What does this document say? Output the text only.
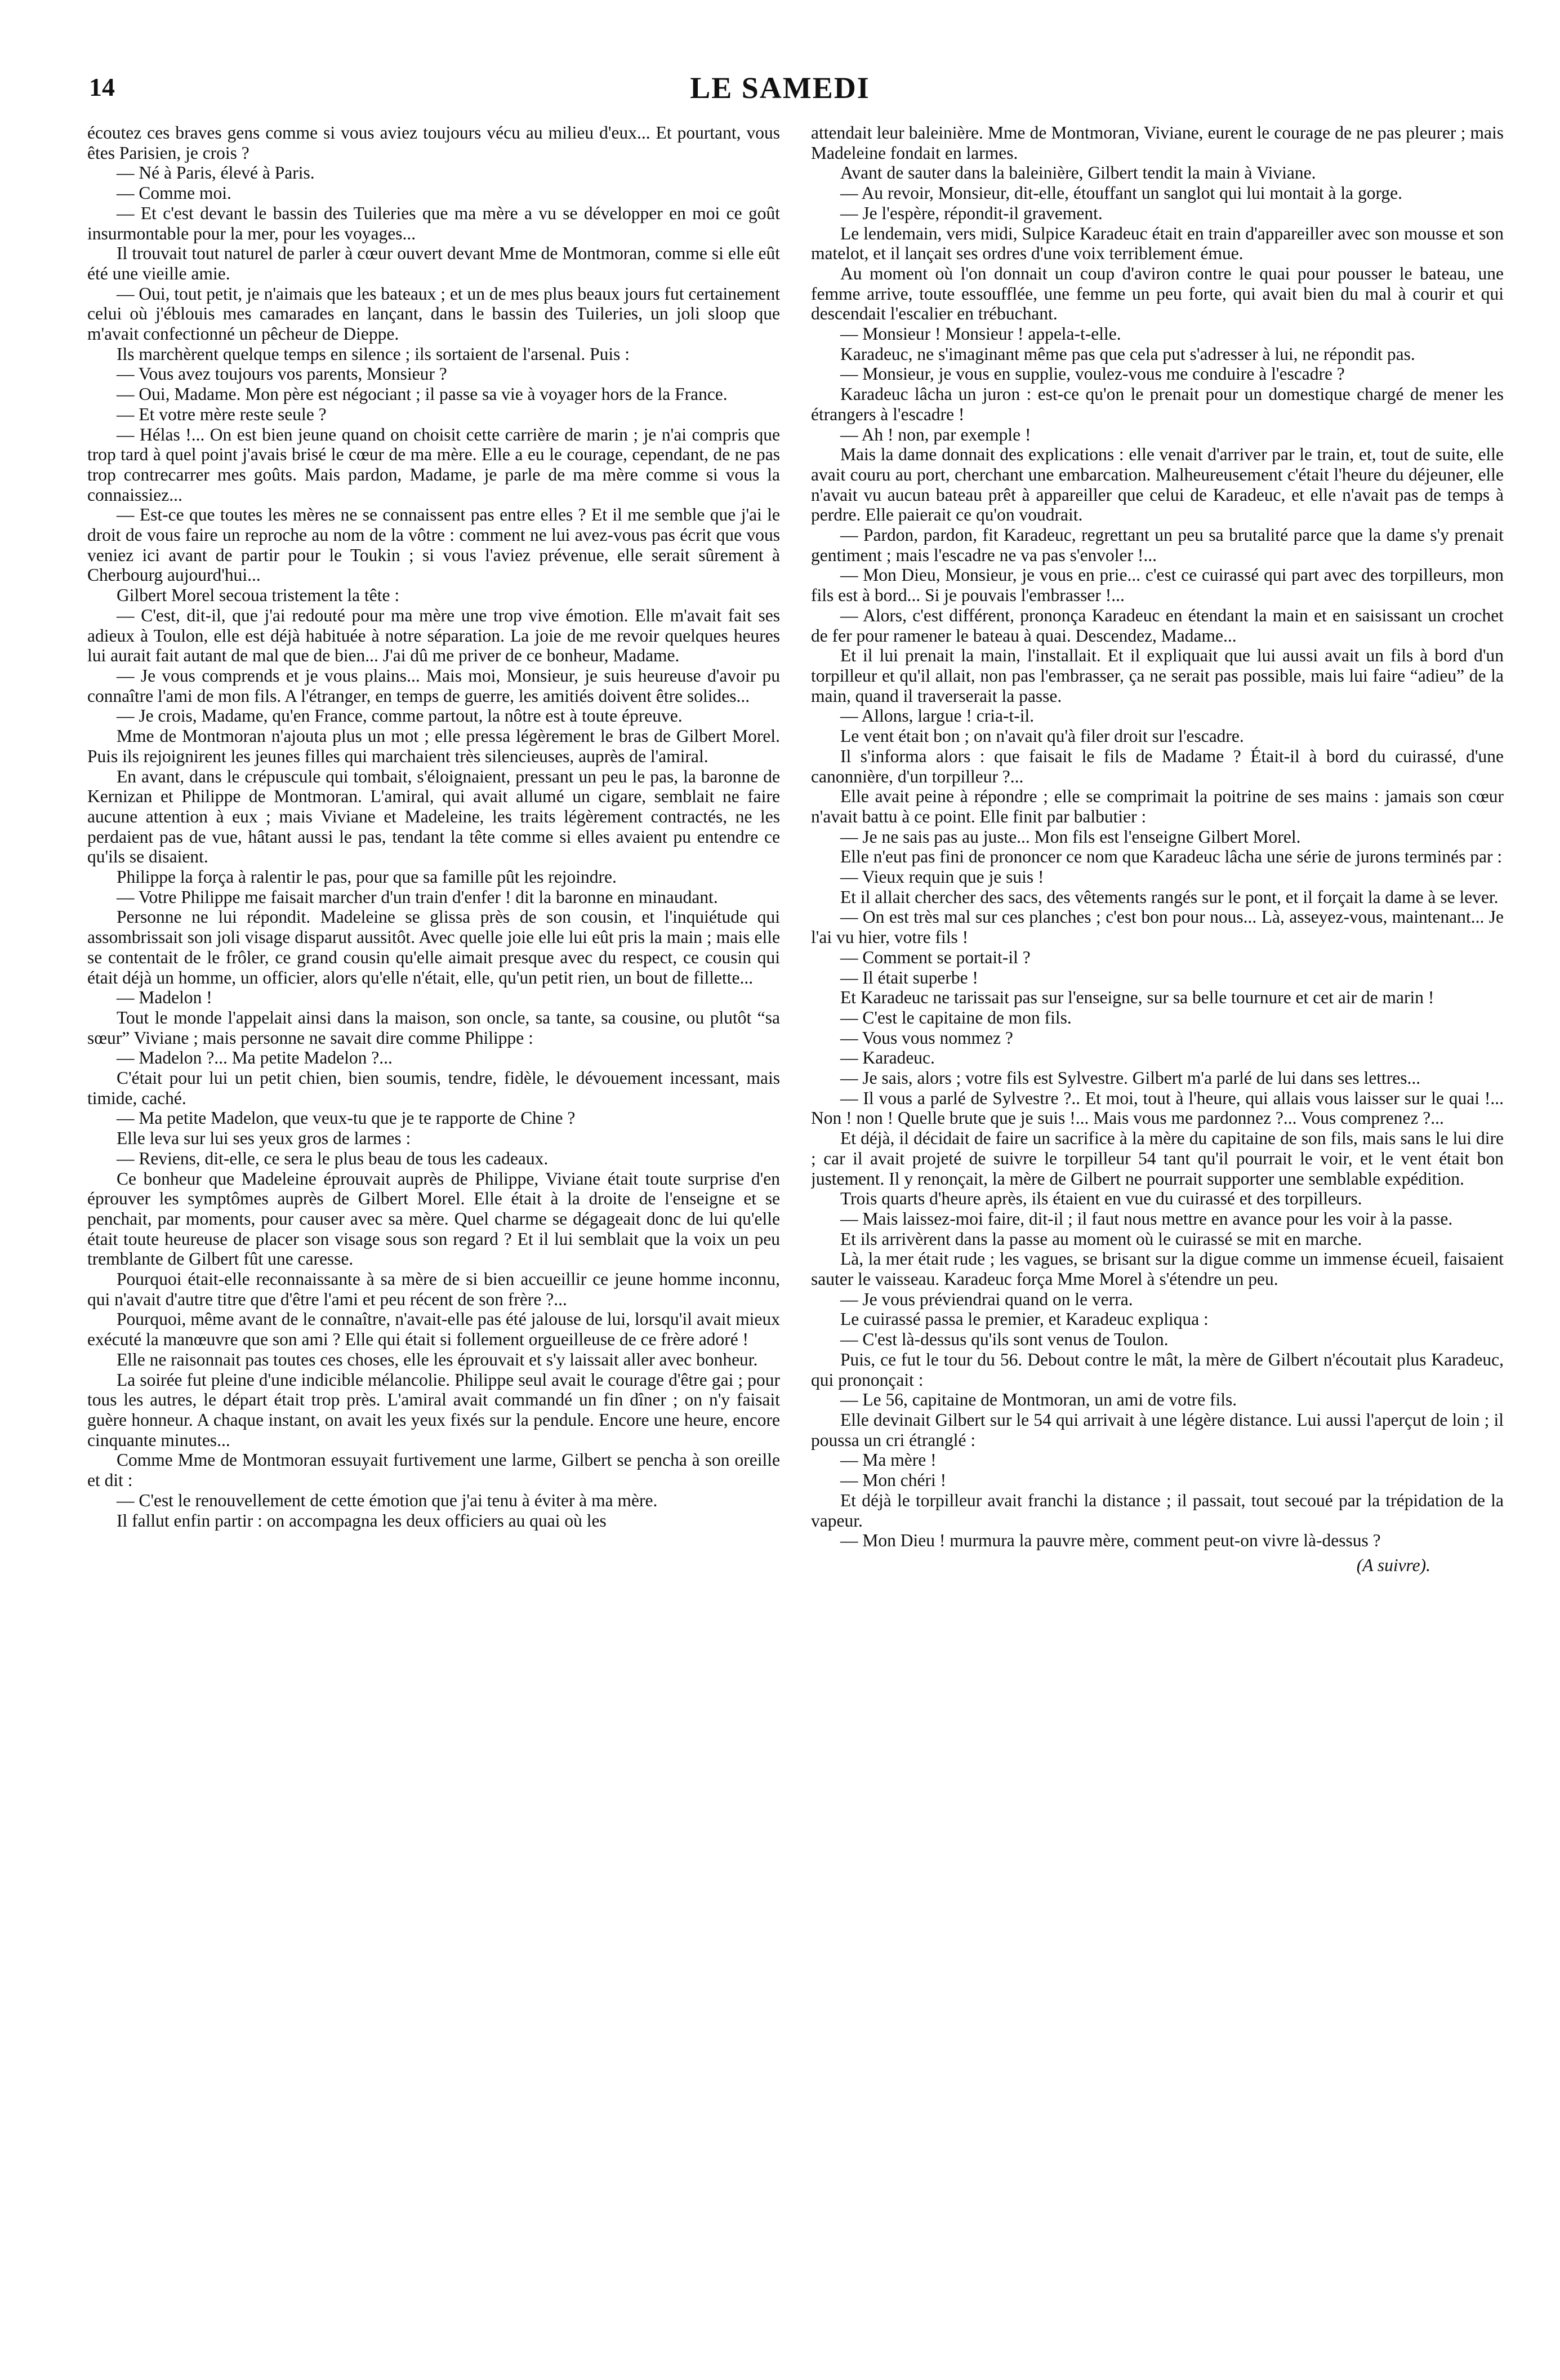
14	LE SAMEDI

écoutez ces braves gens comme si vous aviez toujours vécu au milieu d'eux... Et pourtant, vous êtes Parisien, je crois ?

— Né à Paris, élevé à Paris.

— Comme moi.

— Et c'est devant le bassin des Tuileries que ma mère a vu se développer en moi ce goût insurmontable pour la mer, pour les voyages...

Il trouvait tout naturel de parler à cœur ouvert devant Mme de Montmoran, comme si elle eût été une vieille amie.

— Oui, tout petit, je n'aimais que les bateaux ; et un de mes plus beaux jours fut certainement celui où j'éblouis mes camarades en lançant, dans le bassin des Tuileries, un joli sloop que m'avait confectionné un pêcheur de Dieppe.

Ils marchèrent quelque temps en silence ; ils sortaient de l'arsenal. Puis :

— Vous avez toujours vos parents, Monsieur ?

— Oui, Madame. Mon père est négociant ; il passe sa vie à voyager hors de la France.

— Et votre mère reste seule ?

— Hélas !... On est bien jeune quand on choisit cette carrière de marin ; je n'ai compris que trop tard à quel point j'avais brisé le cœur de ma mère. Elle a eu le courage, cependant, de ne pas trop contrecarrer mes goûts. Mais pardon, Madame, je parle de ma mère comme si vous la connaissiez...

— Est-ce que toutes les mères ne se connaissent pas entre elles ? Et il me semble que j'ai le droit de vous faire un reproche au nom de la vôtre : comment ne lui avez-vous pas écrit que vous veniez ici avant de partir pour le Toukin ; si vous l'aviez prévenue, elle serait sûrement à Cherbourg aujourd'hui...

Gilbert Morel secoua tristement la tête :

— C'est, dit-il, que j'ai redouté pour ma mère une trop vive émotion. Elle m'avait fait ses adieux à Toulon, elle est déjà habituée à notre séparation. La joie de me revoir quelques heures lui aurait fait autant de mal que de bien... J'ai dû me priver de ce bonheur, Madame.

— Je vous comprends et je vous plains... Mais moi, Monsieur, je suis heureuse d'avoir pu connaître l'ami de mon fils. A l'étranger, en temps de guerre, les amitiés doivent être solides...

— Je crois, Madame, qu'en France, comme partout, la nôtre est à toute épreuve.

Mme de Montmoran n'ajouta plus un mot ; elle pressa légèrement le bras de Gilbert Morel. Puis ils rejoignirent les jeunes filles qui marchaient très silencieuses, auprès de l'amiral.

En avant, dans le crépuscule qui tombait, s'éloignaient, pressant un peu le pas, la baronne de Kernizan et Philippe de Montmoran. L'amiral, qui avait allumé un cigare, semblait ne faire aucune attention à eux ; mais Viviane et Madeleine, les traits légèrement contractés, ne les perdaient pas de vue, hâtant aussi le pas, tendant la tête comme si elles avaient pu entendre ce qu'ils se disaient.

Philippe la força à ralentir le pas, pour que sa famille pût les rejoindre.

— Votre Philippe me faisait marcher d'un train d'enfer ! dit la baronne en minaudant.

Personne ne lui répondit. Madeleine se glissa près de son cousin, et l'inquiétude qui assombrissait son joli visage disparut aussitôt. Avec quelle joie elle lui eût pris la main ; mais elle se contentait de le frôler, ce grand cousin qu'elle aimait presque avec du respect, ce cousin qui était déjà un homme, un officier, alors qu'elle n'était, elle, qu'un petit rien, un bout de fillette...

— Madelon !

Tout le monde l'appelait ainsi dans la maison, son oncle, sa tante, sa cousine, ou plutôt “sa sœur” Viviane ; mais personne ne savait dire comme Philippe :

— Madelon ?... Ma petite Madelon ?...

C'était pour lui un petit chien, bien soumis, tendre, fidèle, le dévouement incessant, mais timide, caché.

— Ma petite Madelon, que veux-tu que je te rapporte de Chine ?

Elle leva sur lui ses yeux gros de larmes :

— Reviens, dit-elle, ce sera le plus beau de tous les cadeaux.

Ce bonheur que Madeleine éprouvait auprès de Philippe, Viviane était toute surprise d'en éprouver les symptômes auprès de Gilbert Morel. Elle était à la droite de l'enseigne et se penchait, par moments, pour causer avec sa mère. Quel charme se dégageait donc de lui qu'elle était toute heureuse de placer son visage sous son regard ? Et il lui semblait que la voix un peu tremblante de Gilbert fût une caresse.

Pourquoi était-elle reconnaissante à sa mère de si bien accueillir ce jeune homme inconnu, qui n'avait d'autre titre que d'être l'ami et peu récent de son frère ?...

Pourquoi, même avant de le connaître, n'avait-elle pas été jalouse de lui, lorsqu'il avait mieux exécuté la manœuvre que son ami ? Elle qui était si follement orgueilleuse de ce frère adoré !

Elle ne raisonnait pas toutes ces choses, elle les éprouvait et s'y laissait aller avec bonheur.

La soirée fut pleine d'une indicible mélancolie. Philippe seul avait le courage d'être gai ; pour tous les autres, le départ était trop près. L'amiral avait commandé un fin dîner ; on n'y faisait guère honneur. A chaque instant, on avait les yeux fixés sur la pendule. Encore une heure, encore cinquante minutes...

Comme Mme de Montmoran essuyait furtivement une larme, Gilbert se pencha à son oreille et dit :

— C'est le renouvellement de cette émotion que j'ai tenu à éviter à ma mère.

Il fallut enfin partir : on accompagna les deux officiers au quai où les

attendait leur baleinière. Mme de Montmoran, Viviane, eurent le courage de ne pas pleurer ; mais Madeleine fondait en larmes.

Avant de sauter dans la baleinière, Gilbert tendit la main à Viviane.

— Au revoir, Monsieur, dit-elle, étouffant un sanglot qui lui montait à la gorge.

— Je l'espère, répondit-il gravement.

Le lendemain, vers midi, Sulpice Karadeuc était en train d'appareiller avec son mousse et son matelot, et il lançait ses ordres d'une voix terriblement émue.

Au moment où l'on donnait un coup d'aviron contre le quai pour pousser le bateau, une femme arrive, toute essoufflée, une femme un peu forte, qui avait bien du mal à courir et qui descendait l'escalier en trébuchant.

— Monsieur ! Monsieur ! appela-t-elle.

Karadeuc, ne s'imaginant même pas que cela put s'adresser à lui, ne répondit pas.

— Monsieur, je vous en supplie, voulez-vous me conduire à l'escadre ?

Karadeuc lâcha un juron : est-ce qu'on le prenait pour un domestique chargé de mener les étrangers à l'escadre !

— Ah ! non, par exemple !

Mais la dame donnait des explications : elle venait d'arriver par le train, et, tout de suite, elle avait couru au port, cherchant une embarcation. Malheureusement c'était l'heure du déjeuner, elle n'avait vu aucun bateau prêt à appareiller que celui de Karadeuc, et elle n'avait pas de temps à perdre. Elle paierait ce qu'on voudrait.

— Pardon, pardon, fit Karadeuc, regrettant un peu sa brutalité parce que la dame s'y prenait gentiment ; mais l'escadre ne va pas s'envoler !...

— Mon Dieu, Monsieur, je vous en prie... c'est ce cuirassé qui part avec des torpilleurs, mon fils est à bord... Si je pouvais l'embrasser !...

— Alors, c'est différent, prononça Karadeuc en étendant la main et en saisissant un crochet de fer pour ramener le bateau à quai. Descendez, Madame...

Et il lui prenait la main, l'installait. Et il expliquait que lui aussi avait un fils à bord d'un torpilleur et qu'il allait, non pas l'embrasser, ça ne serait pas possible, mais lui faire “adieu” de la main, quand il traverserait la passe.

— Allons, largue ! cria-t-il.

Le vent était bon ; on n'avait qu'à filer droit sur l'escadre.

Il s'informa alors : que faisait le fils de Madame ? Était-il à bord du cuirassé, d'une canonnière, d'un torpilleur ?...

Elle avait peine à répondre ; elle se comprimait la poitrine de ses mains : jamais son cœur n'avait battu à ce point. Elle finit par balbutier :

— Je ne sais pas au juste... Mon fils est l'enseigne Gilbert Morel.

Elle n'eut pas fini de prononcer ce nom que Karadeuc lâcha une série de jurons terminés par :

— Vieux requin que je suis !

Et il allait chercher des sacs, des vêtements rangés sur le pont, et il forçait la dame à se lever.

— On est très mal sur ces planches ; c'est bon pour nous... Là, asseyez-vous, maintenant... Je l'ai vu hier, votre fils !

— Comment se portait-il ?

— Il était superbe !

Et Karadeuc ne tarissait pas sur l'enseigne, sur sa belle tournure et cet air de marin !

— C'est le capitaine de mon fils.

— Vous vous nommez ?

— Karadeuc.

— Je sais, alors ; votre fils est Sylvestre. Gilbert m'a parlé de lui dans ses lettres...

— Il vous a parlé de Sylvestre ?.. Et moi, tout à l'heure, qui allais vous laisser sur le quai !... Non ! non ! Quelle brute que je suis !... Mais vous me pardonnez ?... Vous comprenez ?...

Et déjà, il décidait de faire un sacrifice à la mère du capitaine de son fils, mais sans le lui dire ; car il avait projeté de suivre le torpilleur 54 tant qu'il pourrait le voir, et le vent était bon justement. Il y renonçait, la mère de Gilbert ne pourrait supporter une semblable expédition.

Trois quarts d'heure après, ils étaient en vue du cuirassé et des torpilleurs.

— Mais laissez-moi faire, dit-il ; il faut nous mettre en avance pour les voir à la passe.

Et ils arrivèrent dans la passe au moment où le cuirassé se mit en marche.

Là, la mer était rude ; les vagues, se brisant sur la digue comme un immense écueil, faisaient sauter le vaisseau. Karadeuc força Mme Morel à s'étendre un peu.

— Je vous préviendrai quand on le verra.

Le cuirassé passa le premier, et Karadeuc expliqua :

— C'est là-dessus qu'ils sont venus de Toulon.

Puis, ce fut le tour du 56. Debout contre le mât, la mère de Gilbert n'écoutait plus Karadeuc, qui prononçait :

— Le 56, capitaine de Montmoran, un ami de votre fils.

Elle devinait Gilbert sur le 54 qui arrivait à une légère distance. Lui aussi l'aperçut de loin ; il poussa un cri étranglé :

— Ma mère !

— Mon chéri !

Et déjà le torpilleur avait franchi la distance ; il passait, tout secoué par la trépidation de la vapeur.

— Mon Dieu ! murmura la pauvre mère, comment peut-on vivre là-dessus ?

(A suivre).
